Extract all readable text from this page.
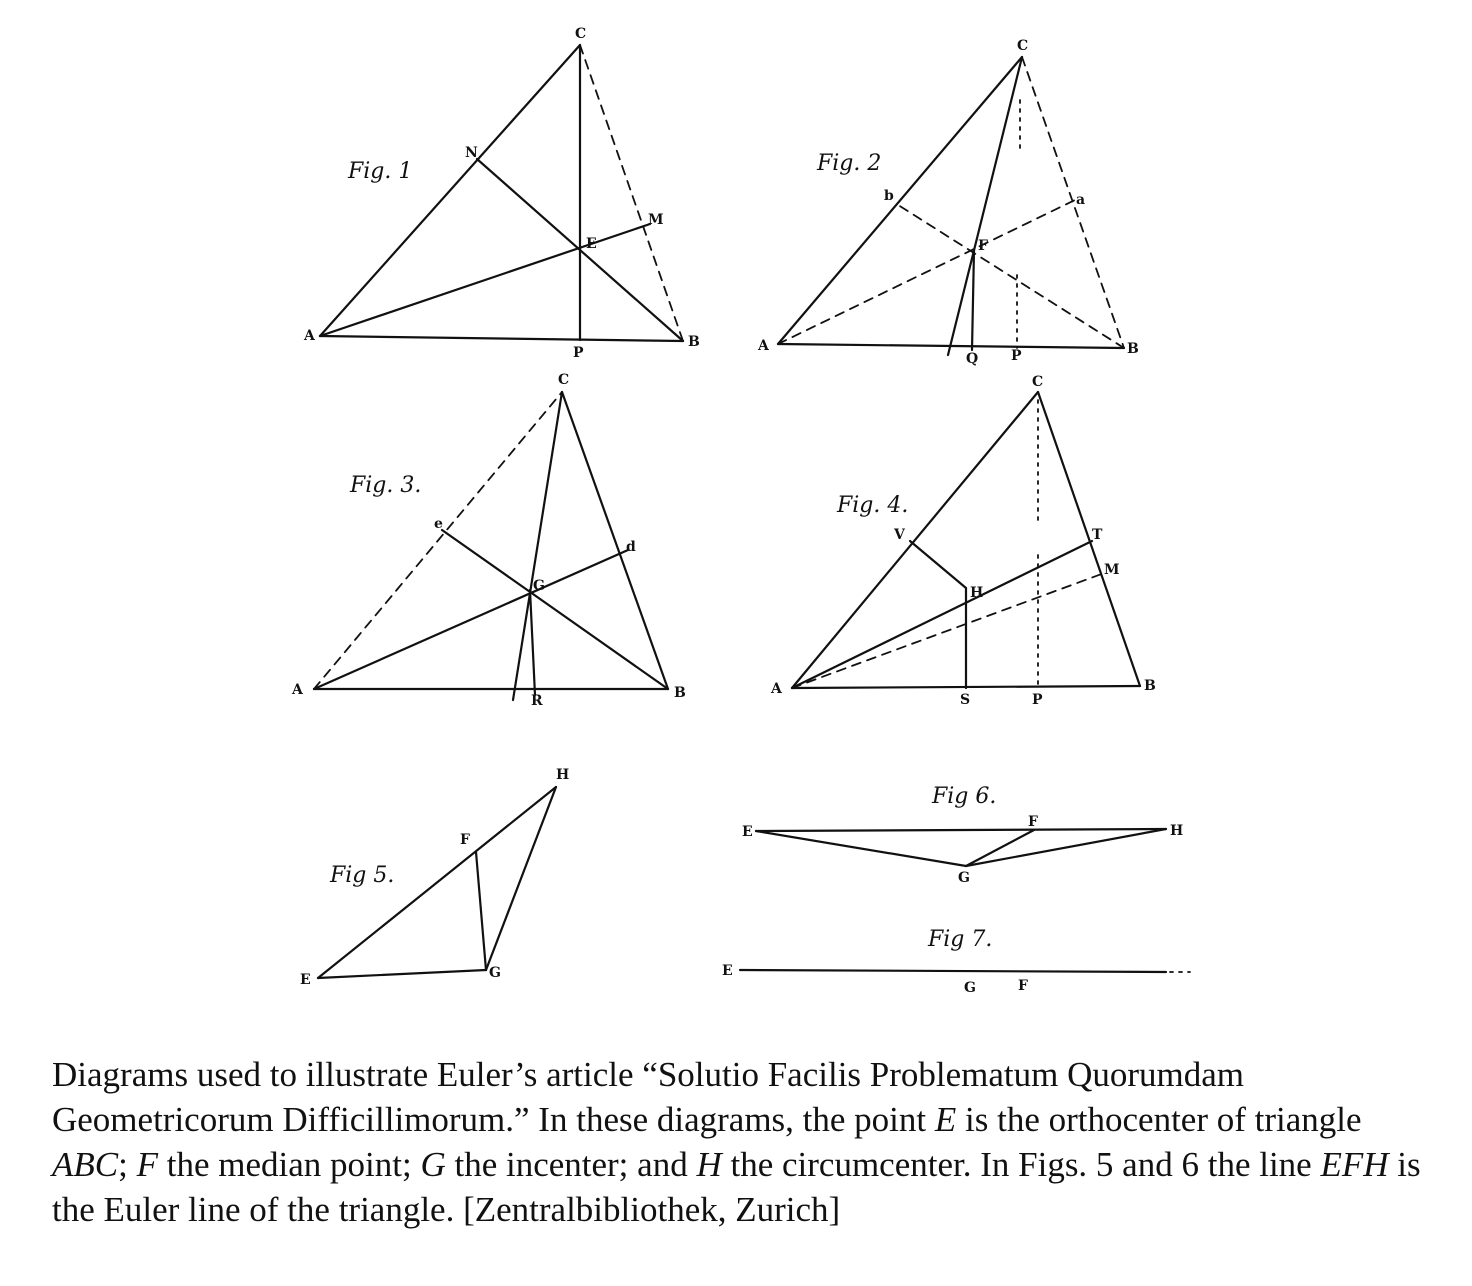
Fig. 1
C
N
M
B
P
E
A
Fig. 2
C
b	a
F
A
Q P	B
Fig. 3.
C
e
d
G
A
R	B
Fig. 4.
C
V	T
M
H
A
S	P
B
Fig 5.
H
F
E	G
Fig 6.
E
F
H
G
Fig 7.
E
G	F

Diagrams used to illustrate Euler’s article “Solutio Facilis Problematum Quorumdam Geometricorum Difficillimorum.” In these diagrams, the point E is the orthocenter of triangle ABC; F the median point; G the incenter; and H the circumcenter. In Figs. 5 and 6 the line EFH is the Euler line of the triangle. [Zentralbibliothek, Zurich]
